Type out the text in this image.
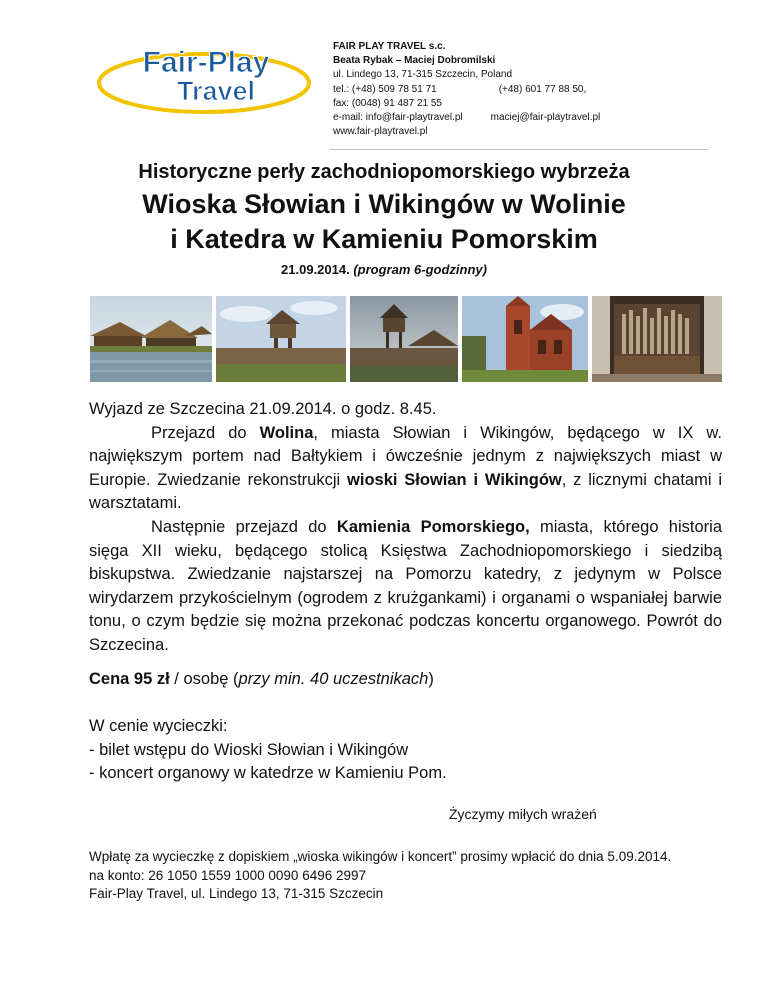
Fair-Play
Travel
FAIR PLAY TRAVEL s.c.
Beata Rybak – Maciej Dobromilski
ul. Lindego 13, 71-315 Szczecin, Poland
tel.: (+48) 509 78 51 71	(+48) 601 77 88 50,
fax: (0048) 91 487 21 55
e-mail: info@fair-playtravel.pl	maciej@fair-playtravel.pl
www.fair-playtravel.pl
Historyczne perły zachodniopomorskiego wybrzeża
Wioska Słowian i Wikingów w Wolinie
i Katedra w Kamieniu Pomorskim
21.09.2014. (program 6-godzinny)

Wyjazd ze Szczecina 21.09.2014. o godz. 8.45.

Przejazd do Wolina, miasta Słowian i Wikingów, będącego w IX w. największym portem nad Bałtykiem i ówcześnie jednym z największych miast w Europie. Zwiedzanie rekonstrukcji wioski Słowian i Wikingów, z licznymi chatami i warsztatami.

Następnie przejazd do Kamienia Pomorskiego, miasta, którego historia sięga XII wieku, będącego stolicą Księstwa Zachodniopomorskiego i siedzibą biskupstwa. Zwiedzanie najstarszej na Pomorzu katedry, z jedynym w Polsce wirydarzem przykościelnym (ogrodem z krużgankami) i organami o wspaniałej barwie tonu, o czym będzie się można przekonać podczas koncertu organowego. Powrót do Szczecina.

Cena 95 zł / osobę (przy min. 40 uczestnikach)
W cenie wycieczki:
- bilet wstępu do Wioski Słowian i Wikingów
- koncert organowy w katedrze w Kamieniu Pom.
Życzymy miłych wrażeń
Wpłatę za wycieczkę z dopiskiem „wioska wikingów i koncert” prosimy wpłacić do dnia 5.09.2014.
na konto: 26 1050 1559 1000 0090 6496 2997
Fair-Play Travel, ul. Lindego 13, 71-315 Szczecin
